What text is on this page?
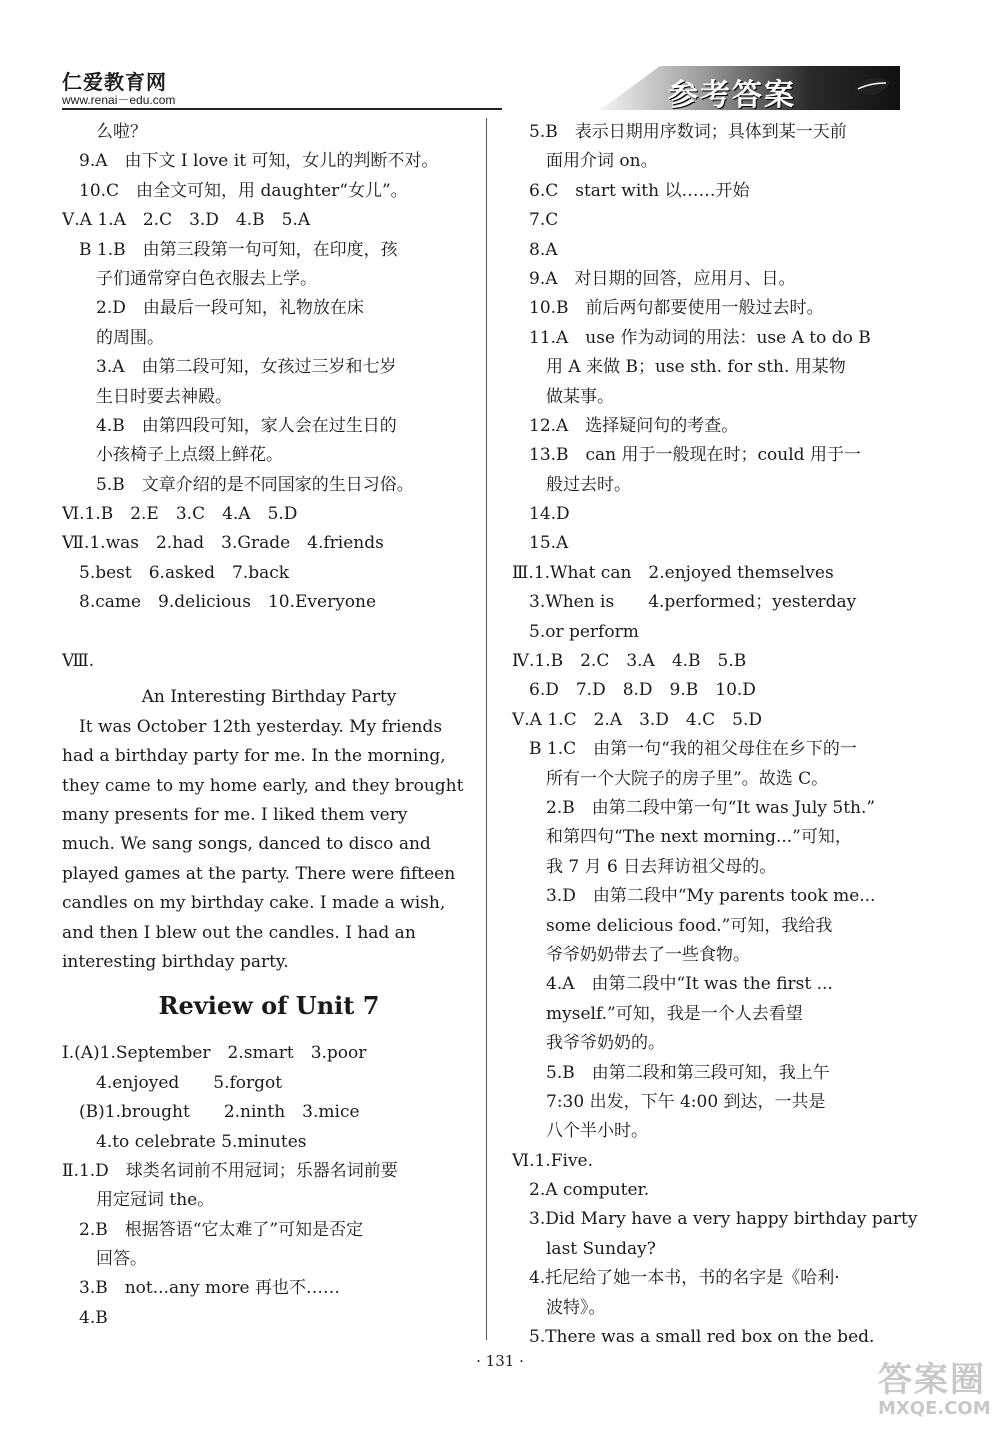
仁爱教育网
www.renai－edu.com	参考答案
　　么啦？
　9.A　由下文 I love it 可知，女儿的判断不对。
　10.C　由全文可知，用 daughter“女儿”。
Ⅴ.A 1.A　2.C　3.D　4.B　5.A
　B 1.B　由第三段第一句可知，在印度，孩
　　子们通常穿白色衣服去上学。
　　2.D　由最后一段可知，礼物放在床
　　的周围。
　　3.A　由第二段可知，女孩过三岁和七岁
　　生日时要去神殿。
　　4.B　由第四段可知，家人会在过生日的
　　小孩椅子上点缀上鲜花。
　　5.B　文章介绍的是不同国家的生日习俗。
Ⅵ.1.B　2.E　3.C　4.A　5.D
Ⅶ.1.was　2.had　3.Grade　4.friends
　5.best　6.asked　7.back
　8.came　9.delicious　10.Everyone
Ⅷ.
An Interesting Birthday Party
　It was October 12th yesterday. My friends
had a birthday party for me. In the morning,
they came to my home early, and they brought
many presents for me. I liked them very
much. We sang songs, danced to disco and
played games at the party. There were fifteen
candles on my birthday cake. I made a wish,
and then I blew out the candles. I had an
interesting birthday party.
Review of Unit 7
Ⅰ.(A)1.September　2.smart　3.poor
　　4.enjoyed　　5.forgot
　(B)1.brought　　2.ninth　3.mice
　　4.to celebrate 5.minutes
Ⅱ.1.D　球类名词前不用冠词；乐器名词前要
　　用定冠词 the。
　2.B　根据答语“它太难了”可知是否定
　　回答。
　3.B　not...any more 再也不……
　4.B
　5.B　表示日期用序数词；具体到某一天前
　　面用介词 on。
　6.C　start with 以……开始
　7.C
　8.A
　9.A　对日期的回答，应用月、日。
　10.B　前后两句都要使用一般过去时。
　11.A　use 作为动词的用法：use A to do B
　　用 A 来做 B；use sth. for sth. 用某物
　　做某事。
　12.A　选择疑问句的考查。
　13.B　can 用于一般现在时；could 用于一
　　般过去时。
　14.D
　15.A
Ⅲ.1.What can　2.enjoyed themselves
　3.When is　　4.performed；yesterday
　5.or perform
Ⅳ.1.B　2.C　3.A　4.B　5.B
　6.D　7.D　8.D　9.B　10.D
Ⅴ.A 1.C　2.A　3.D　4.C　5.D
　B 1.C　由第一句“我的祖父母住在乡下的一
　　所有一个大院子的房子里”。故选 C。
　　2.B　由第二段中第一句“It was July 5th.”
　　和第四句“The next morning...”可知，
　　我 7 月 6 日去拜访祖父母的。
　　3.D　由第二段中“My parents took me...
　　some delicious food.”可知，我给我
　　爷爷奶奶带去了一些食物。
　　4.A　由第二段中“It was the first ...
　　myself.”可知，我是一个人去看望
　　我爷爷奶奶的。
　　5.B　由第二段和第三段可知，我上午
　　7:30 出发，下午 4:00 到达，一共是
　　八个半小时。
Ⅵ.1.Five.
　2.A computer.
　3.Did Mary have a very happy birthday party
　　last Sunday?
　4.托尼给了她一本书，书的名字是《哈利·
　　波特》。
　5.There was a small red box on the bed.
· 131 ·	答案圈
MXQE.COM
